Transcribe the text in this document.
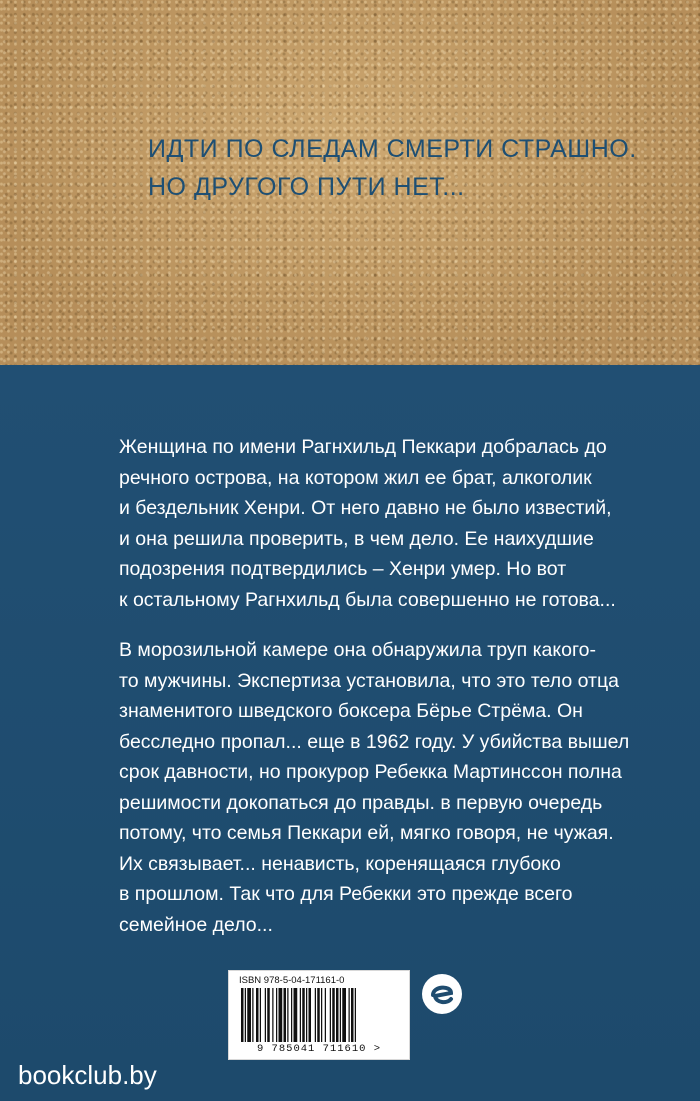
ИДТИ ПО СЛЕДАМ СМЕРТИ СТРАШНО.
НО ДРУГОГО ПУТИ НЕТ...

Женщина по имени Рагнхильд Пеккари добралась до
речного острова, на котором жил ее брат, алкоголик
и бездельник Хенри. От него давно не было известий,
и она решила проверить, в чем дело. Ее наихудшие
подозрения подтвердились – Хенри умер. Но вот
к остальному Рагнхильд была совершенно не готова...

В морозильной камере она обнаружила труп какого-
то мужчины. Экспертиза установила, что это тело отца
знаменитого шведского боксера Бёрье Стрёма. Он
бесследно пропал... еще в 1962 году. У убийства вышел
срок давности, но прокурор Ребекка Мартинссон полна
решимости докопаться до правды. в первую очередь
потому, что семья Пеккари ей, мягко говоря, не чужая.
Их связывает... ненависть, коренящаяся глубоко
в прошлом. Так что для Ребекки это прежде всего
семейное дело...

ISBN 978-5-04-171161-0
9 785041 711610 >
bookclub.by
